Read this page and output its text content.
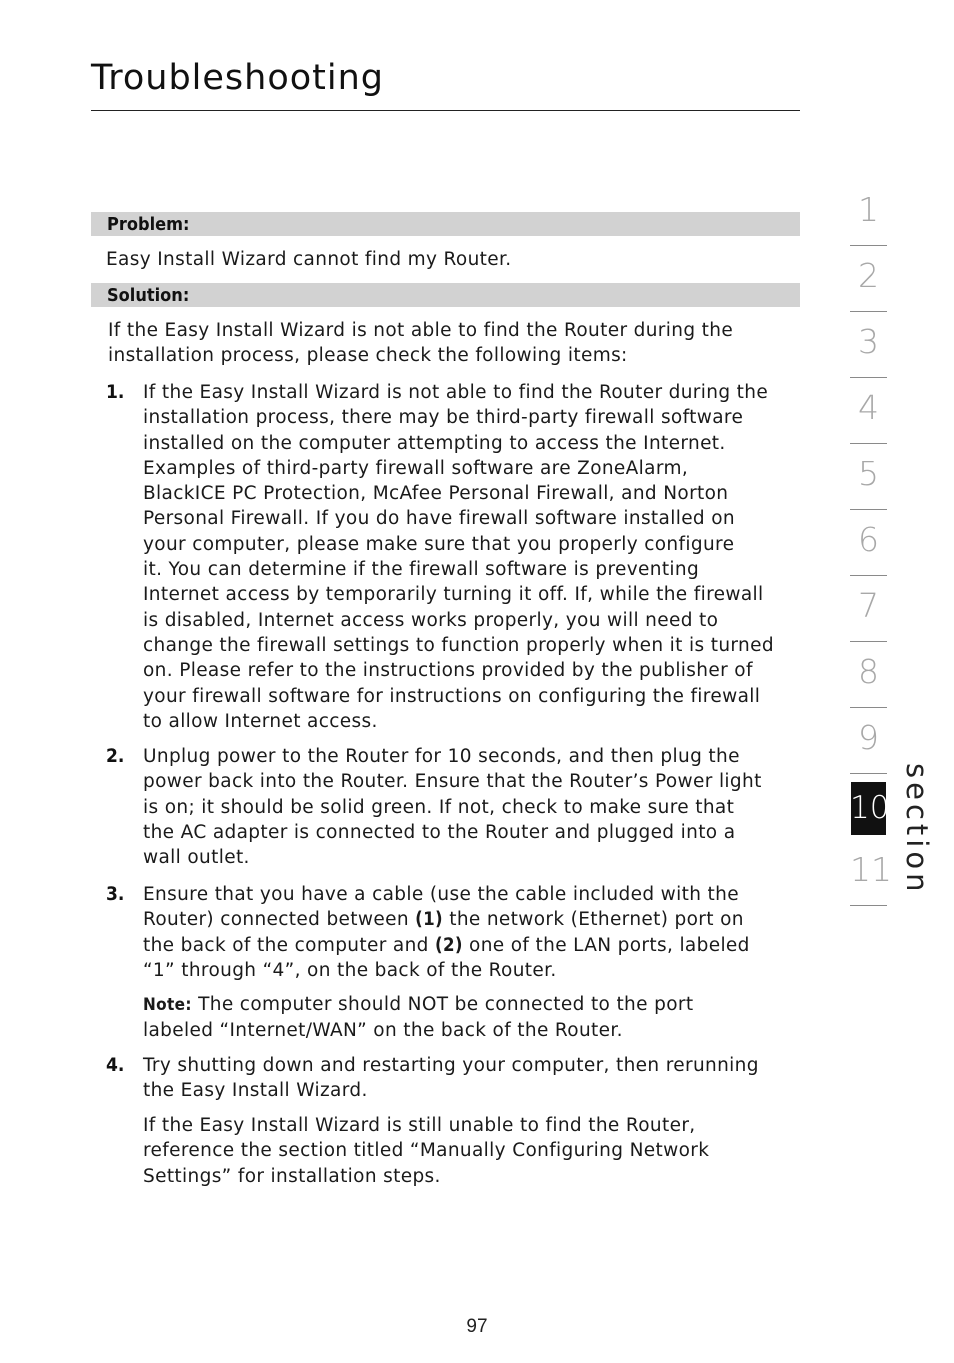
Troubleshooting
Problem:

Easy Install Wizard cannot find my Router.

Solution:

If the Easy Install Wizard is not able to find the Router during the
installation process, please check the following items:

1. If the Easy Install Wizard is not able to find the Router during the
installation process, there may be third-party firewall software
installed on the computer attempting to access the Internet.
Examples of third-party firewall software are ZoneAlarm,
BlackICE PC Protection, McAfee Personal Firewall, and Norton
Personal Firewall. If you do have firewall software installed on
your computer, please make sure that you properly configure
it. You can determine if the firewall software is preventing
Internet access by temporarily turning it off. If, while the firewall
is disabled, Internet access works properly, you will need to
change the firewall settings to function properly when it is turned
on. Please refer to the instructions provided by the publisher of
your firewall software for instructions on configuring the firewall
to allow Internet access.

2. Unplug power to the Router for 10 seconds, and then plug the
power back into the Router. Ensure that the Router’s Power light
is on; it should be solid green. If not, check to make sure that
the AC adapter is connected to the Router and plugged into a
wall outlet.

3. Ensure that you have a cable (use the cable included with the
Router) connected between (1) the network (Ethernet) port on
the back of the computer and (2) one of the LAN ports, labeled
“1” through “4”, on the back of the Router.

Note: The computer should NOT be connected to the port
labeled “Internet/WAN” on the back of the Router.

4. Try shutting down and restarting your computer, then rerunning
the Easy Install Wizard.

If the Easy Install Wizard is still unable to find the Router,
reference the section titled “Manually Configuring Network
Settings” for installation steps.

1
2
3
4
5
6
7
8
9
10
11 section
97
